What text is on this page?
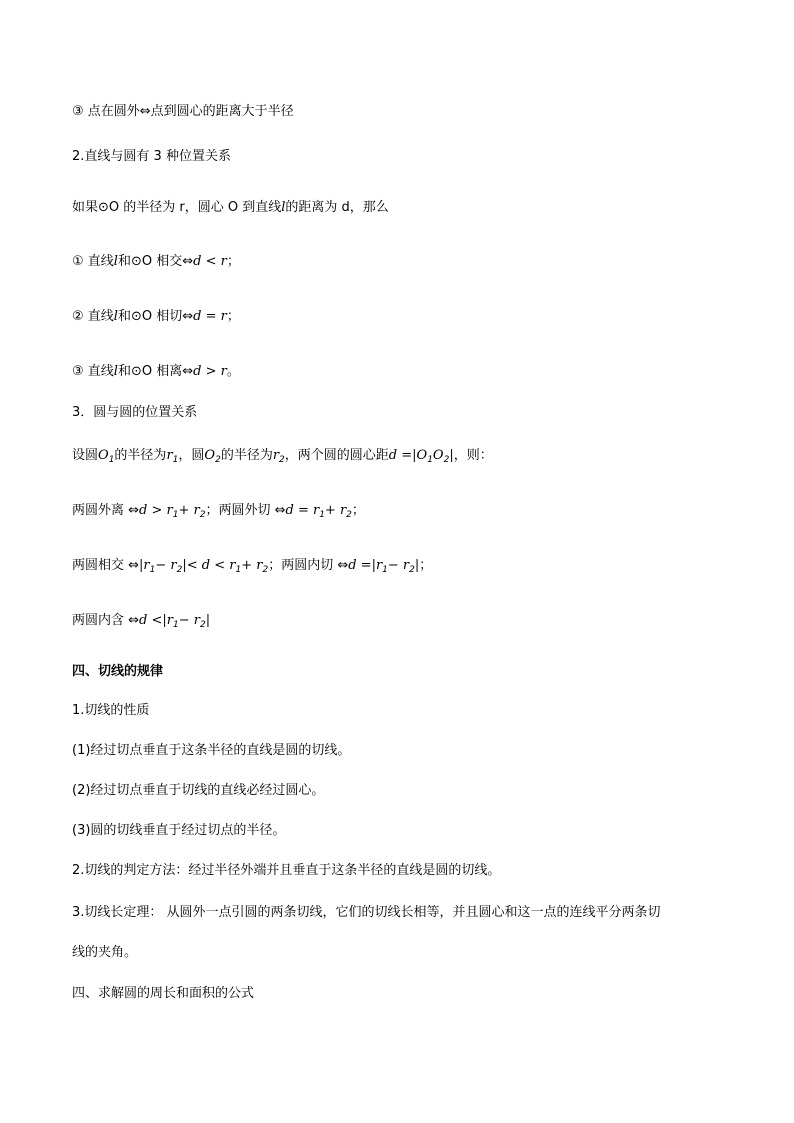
③ 点在圆外⇔点到圆心的距离大于半径
2.直线与圆有 3 种位置关系
如果⊙O 的半径为 r，圆心 O 到直线l的距离为 d，那么
① 直线l和⊙O 相交⇔d < r；
② 直线l和⊙O 相切⇔d = r；
③ 直线l和⊙O 相离⇔d > r。
3．圆与圆的位置关系
设圆$O_1$的半径为$r_1$，圆$O_2$的半径为$r_2$，两个圆的圆心距$d =|O_1O_2|$，则：
两圆外离 ⇔d > $r_1+ r_2$；两圆外切 ⇔d = $r_1+ r_2$；
两圆相交 $\Leftrightarrow|r_1- r_2|< d < r_1+ r_2$；两圆内切 ⇔d $=|r_1- r_2|$；
两圆内含 ⇔d $<|r_1- r_2|$
四、切线的规律
1.切线的性质
(1)经过切点垂直于这条半径的直线是圆的切线。
(2)经过切点垂直于切线的直线必经过圆心。
(3)圆的切线垂直于经过切点的半径。
2.切线的判定方法：经过半径外端并且垂直于这条半径的直线是圆的切线。
3.切线长定理： 从圆外一点引圆的两条切线，它们的切线长相等，并且圆心和这一点的连线平分两条切
线的夹角。
四、求解圆的周长和面积的公式
